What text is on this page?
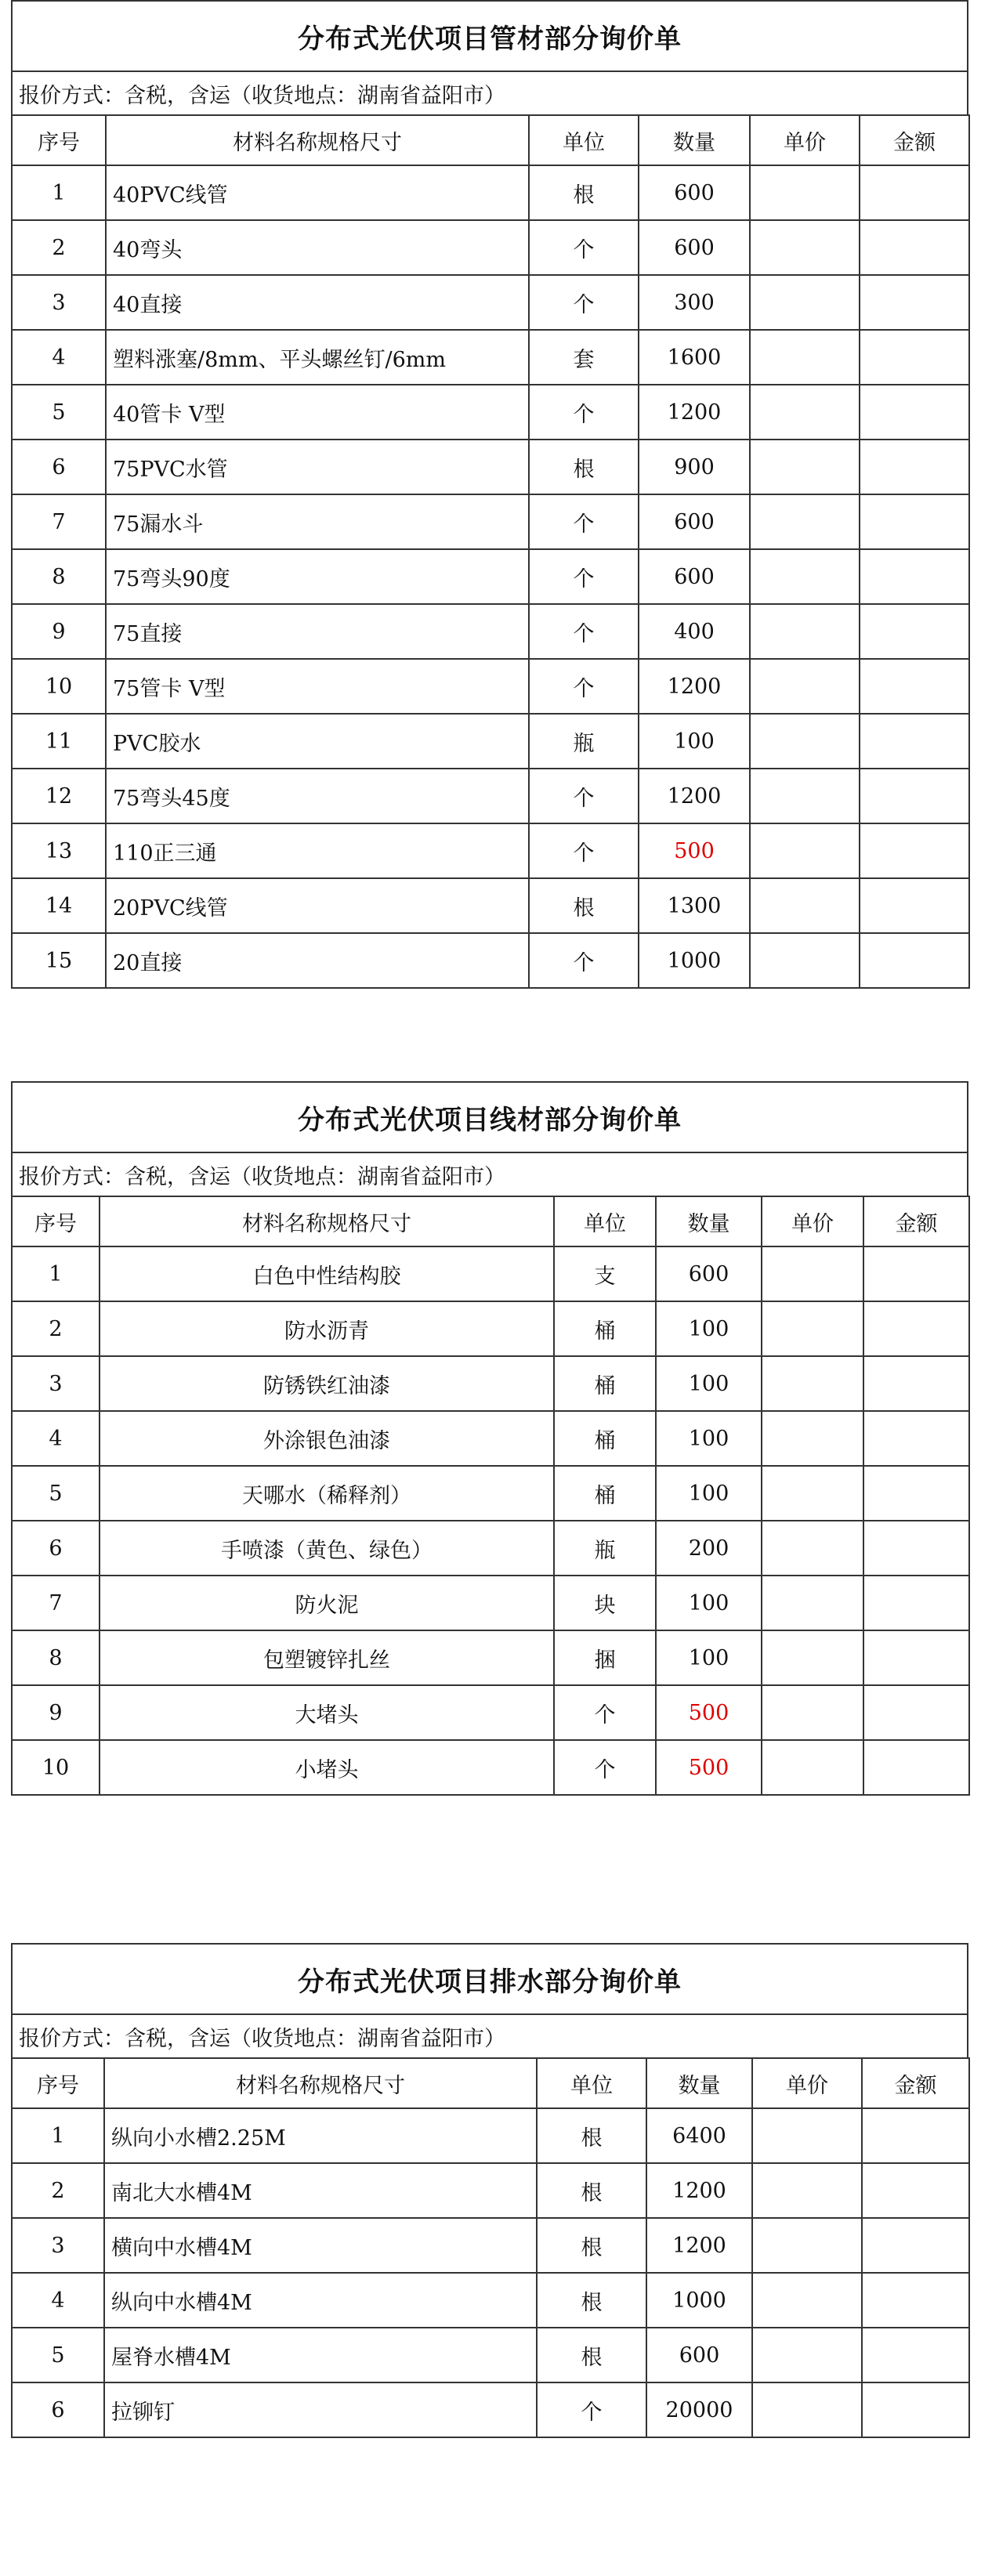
分布式光伏项目管材部分询价单
报价方式：含税，含运（收货地点：湖南省益阳市）
序号	材料名称规格尺寸	单位	数量	单价	金额
1	40PVC线管	根	600		
2	40弯头	个	600		
3	40直接	个	300		
4	塑料涨塞/8mm、平头螺丝钉/6mm	套	1600		
5	40管卡 V型	个	1200		
6	75PVC水管	根	900		
7	75漏水斗	个	600		
8	75弯头90度	个	600		
9	75直接	个	400		
10	75管卡 V型	个	1200		
11	PVC胶水	瓶	100		
12	75弯头45度	个	1200		
13	110正三通	个	500		
14	20PVC线管	根	1300		
15	20直接	个	1000		
分布式光伏项目线材部分询价单
报价方式：含税，含运（收货地点：湖南省益阳市）
序号	材料名称规格尺寸	单位	数量	单价	金额
1	白色中性结构胶	支	600		
2	防水沥青	桶	100		
3	防锈铁红油漆	桶	100		
4	外涂银色油漆	桶	100		
5	天哪水（稀释剂）	桶	100		
6	手喷漆（黄色、绿色）	瓶	200		
7	防火泥	块	100		
8	包塑镀锌扎丝	捆	100		
9	大堵头	个	500		
10	小堵头	个	500		
分布式光伏项目排水部分询价单
报价方式：含税，含运（收货地点：湖南省益阳市）
序号	材料名称规格尺寸	单位	数量	单价	金额
1	纵向小水槽2.25M	根	6400		
2	南北大水槽4M	根	1200		
3	横向中水槽4M	根	1200		
4	纵向中水槽4M	根	1000		
5	屋脊水槽4M	根	600		
6	拉铆钉	个	20000		
